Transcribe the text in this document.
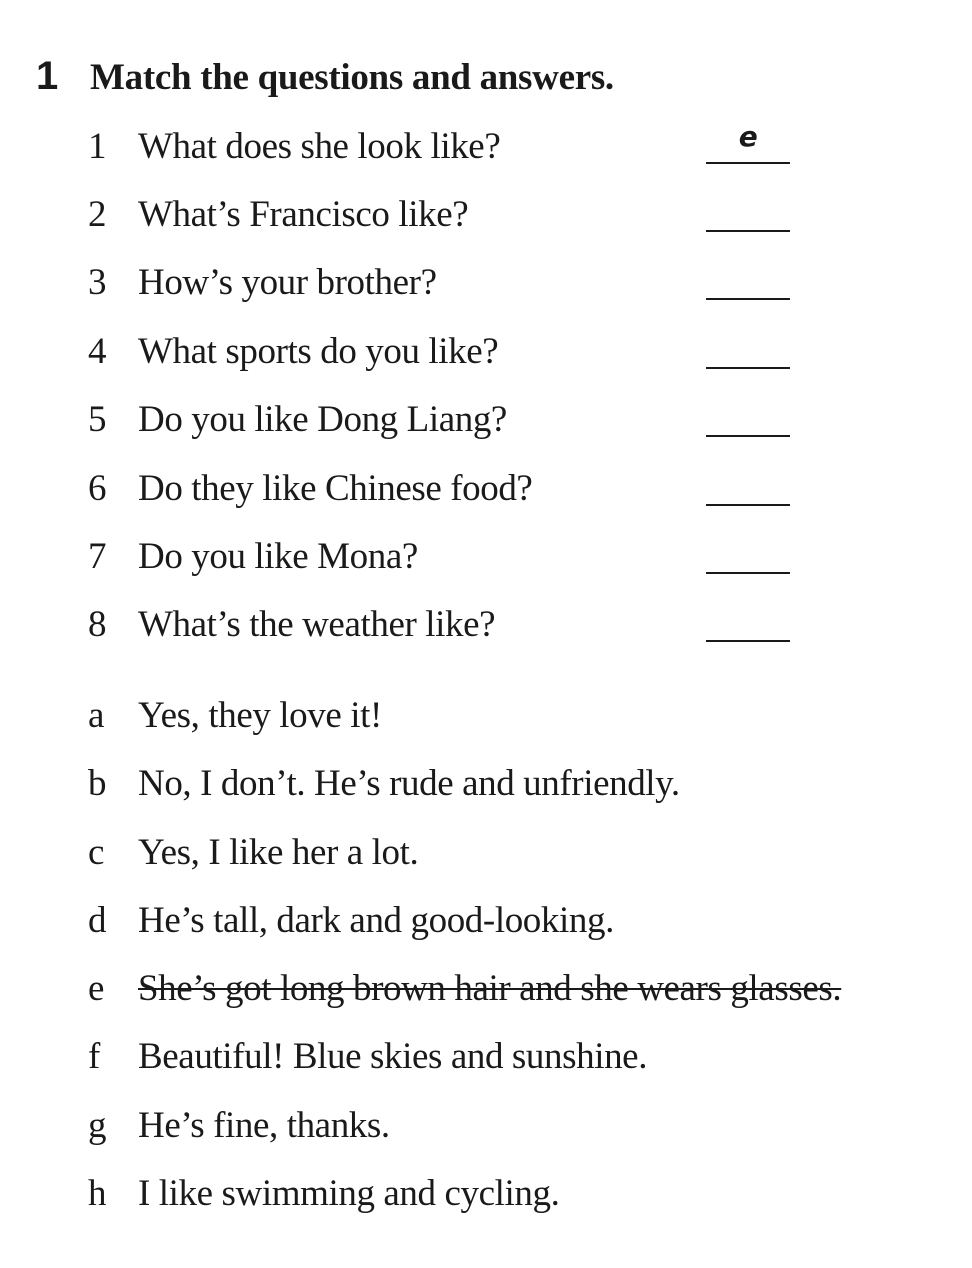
1 Match the questions and answers.
1 What does she look like?	e
2 What’s Francisco like?
3 How’s your brother?
4 What sports do you like?
5 Do you like Dong Liang?
6 Do they like Chinese food?
7 Do you like Mona?
8 What’s the weather like?
a Yes, they love it!
b No, I don’t. He’s rude and unfriendly.
c Yes, I like her a lot.
d He’s tall, dark and good-looking.
e She’s got long brown hair and she wears glasses.
f	Beautiful! Blue skies and sunshine.
g He’s fine, thanks.
h I like swimming and cycling.
